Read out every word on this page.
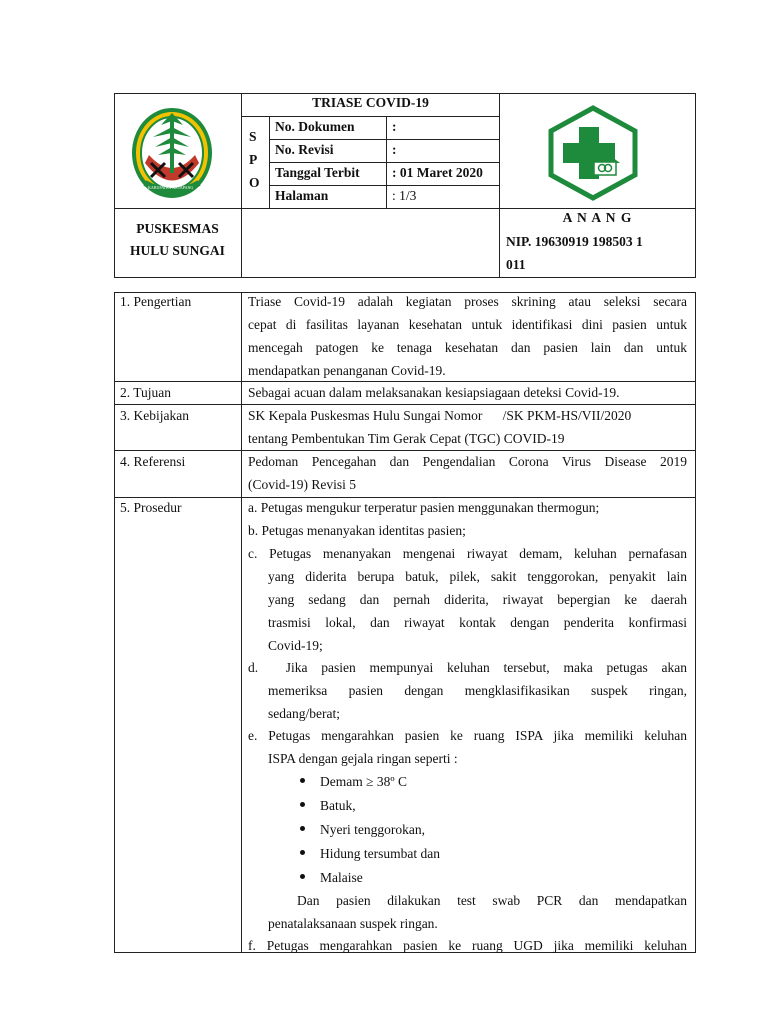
KABUPATEN KETAPANG
TRIASE COVID-19
S
P
O
No. Dokumen	:
No. Revisi	:
Tanggal Terbit : 01 Maret 2020
Halaman	: 1/3
PUSKESMAS
HULU SUNGAI
A N A N G
NIP. 19630919 198503 1
011
1. Pengertian	Triase Covid-19 adalah kegiatan proses skrining atau seleksi secara
cepat di fasilitas layanan kesehatan untuk identifikasi dini pasien untuk
mencegah patogen ke tenaga kesehatan dan pasien lain dan untuk
mendapatkan penanganan Covid-19.
2. Tujuan	Sebagai acuan dalam melaksanakan kesiapsiagaan deteksi Covid-19.
3. Kebijakan	SK Kepala Puskesmas Hulu Sungai Nomor      /SK PKM-HS/VII/2020
tentang Pembentukan Tim Gerak Cepat (TGC) COVID-19
4. Referensi	Pedoman Pencegahan dan Pengendalian Corona Virus Disease 2019
(Covid-19) Revisi 5
5. Prosedur	a. Petugas mengukur terperatur pasien menggunakan thermogun;
b. Petugas menanyakan identitas pasien;
c. Petugas menanyakan mengenai riwayat demam, keluhan pernafasan
yang diderita berupa batuk, pilek, sakit tenggorokan, penyakit lain
yang sedang dan pernah diderita, riwayat bepergian ke daerah
trasmisi lokal, dan riwayat kontak dengan penderita konfirmasi
Covid-19;
d.  Jika pasien mempunyai keluhan tersebut, maka petugas akan
memeriksa pasien dengan mengklasifikasikan suspek ringan,
sedang/berat;
e. Petugas mengarahkan pasien ke ruang ISPA jika memiliki keluhan
ISPA dengan gejala ringan seperti :
Demam ≥ 38º C
Batuk,
Nyeri tenggorokan,
Hidung tersumbat dan
Malaise
Dan pasien dilakukan test swab PCR dan mendapatkan
penatalaksanaan suspek ringan.
f. Petugas mengarahkan pasien ke ruang UGD jika memiliki keluhan
